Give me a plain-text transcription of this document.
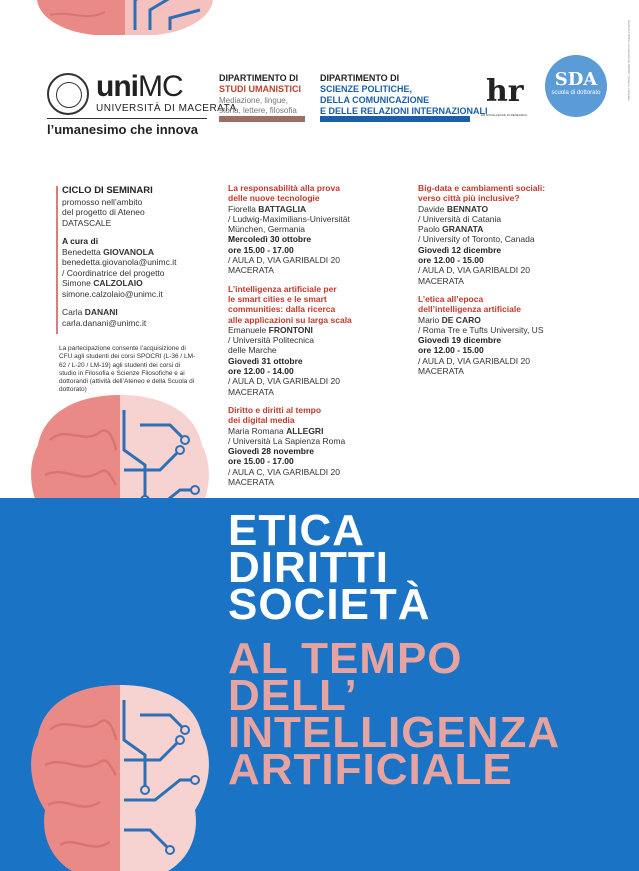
uniMC
UNIVERSITÀ DI MACERATA
l’umanesimo che innova
DIPARTIMENTO DI
STUDI UMANISTICI
Mediazione, lingue, storia, lettere, filosofia
DIPARTIMENTO DI
SCIENZE POLITICHE,
DELLA COMUNICAZIONE
E DELLE RELAZIONI INTERNAZIONALI
hr
HR EXCELLENCE IN RESEARCH
SDA
scuola di dottorato	GRAFICA Ufficio comunicazione UNIMC | Stampa: Litografia
CICLO DI SEMINARI
promosso nell’ambito
del progetto di Ateneo
DATASCALE
A cura di
Benedetta GIOVANOLA
benedetta.giovanola@unimc.it
/ Coordinatrice del progetto
Simone CALZOLAIO
simone.calzolaio@unimc.it
Carla DANANI
carla.danani@unimc.it
La partecipazione consente l’acquisizione di CFU agli studenti dei corsi SPOCRI (L-36 / LM-62 / L-20 / LM-19) agli studenti dei corsi di studio in Filosofia e Scienze Filosofiche e ai dottorandi (attività dell’Ateneo e della Scuola di dottorato)
La responsabilità alla prova
delle nuove tecnologie
Fiorella BATTAGLIA
/ Ludwig-Maximilians-Universität
München, Germania
Mercoledì 30 ottobre
ore 15.00 - 17.00
/ AULA D, VIA GARIBALDI 20
MACERATA
L’intelligenza artificiale per
le smart cities e le smart
communities: dalla ricerca
alle applicazioni su larga scala
Emanuele FRONTONI
/ Università Politecnica
delle Marche
Giovedì 31 ottobre
ore 12.00 - 14.00
/ AULA D, VIA GARIBALDI 20
MACERATA
Diritto e diritti al tempo
dei digital media
Maria Romana ALLEGRI
/ Università La Sapienza Roma
Giovedì 28 novembre
ore 15.00 - 17.00
/ AULA C, VIA GARIBALDI 20
MACERATA
Big-data e cambiamenti sociali:
verso città più inclusive?
Davide BENNATO
/ Università di Catania
Paolo GRANATA
/ University of Toronto, Canada
Giovedì 12 dicembre
ore 12.00 - 15.00
/ AULA D, VIA GARIBALDI 20
MACERATA
L’etica all’epoca
dell’intelligenza artificiale
Mario DE CARO
/ Roma Tre e Tufts University, US
Giovedì 19 dicembre
ore 12.00 - 15.00
/ AULA D, VIA GARIBALDI 20
MACERATA
ETICA
DIRITTI
SOCIETÀ
AL TEMPO
DELL’
INTELLIGENZA
ARTIFICIALE
